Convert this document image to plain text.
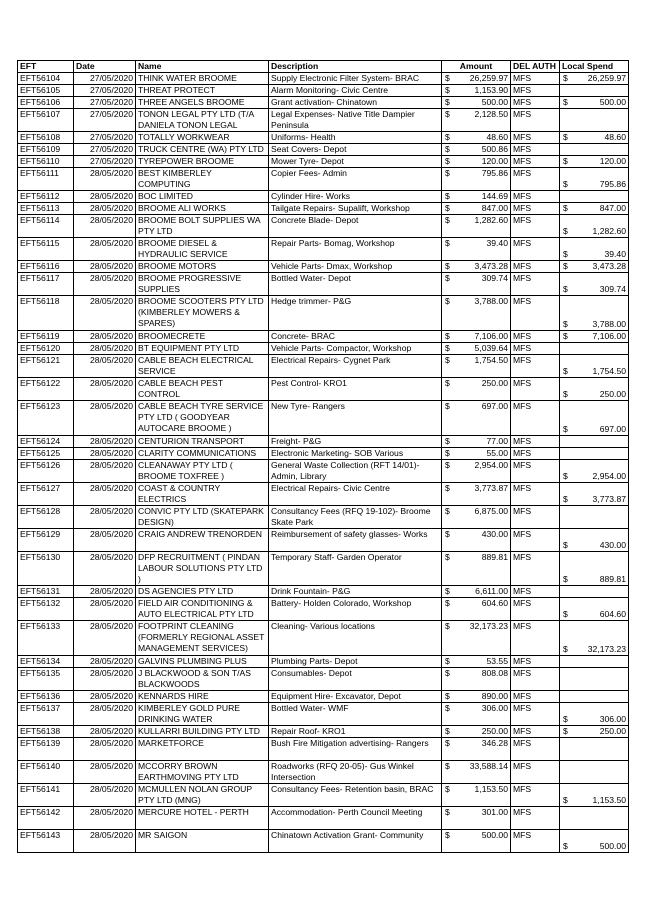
EFT	Date	Name	Description	Amount	DEL AUTH	Local Spend
EFT56104	27/05/2020	THINK WATER BROOME	Supply Electronic Filter System- BRAC	$ 26,259.97	MFS	$ 26,259.97
EFT56105	27/05/2020	THREAT PROTECT	Alarm Monitoring- Civic Centre	$ 1,153.90	MFS	
EFT56106	27/05/2020	THREE ANGELS BROOME	Grant activation- Chinatown	$ 500.00	MFS	$ 500.00
EFT56107	27/05/2020	TONON LEGAL PTY LTD (T/A DANIELA TONON LEGAL	Legal Expenses- Native Title Dampier Peninsula	$ 2,128.50	MFS	
EFT56108	27/05/2020	TOTALLY WORKWEAR	Uniforms- Health	$ 48.60	MFS	$ 48.60
EFT56109	27/05/2020	TRUCK CENTRE (WA) PTY LTD	Seat Covers- Depot	$ 500.86	MFS	
EFT56110	27/05/2020	TYREPOWER BROOME	Mower Tyre- Depot	$ 120.00	MFS	$ 120.00
EFT56111	28/05/2020	BEST KIMBERLEY COMPUTING	Copier Fees- Admin	$ 795.86	MFS	$ 795.86
EFT56112	28/05/2020	BOC LIMITED	Cylinder Hire- Works	$ 144.69	MFS	
EFT56113	28/05/2020	BROOME ALI WORKS	Tailgate Repairs- Supalift, Workshop	$ 847.00	MFS	$ 847.00
EFT56114	28/05/2020	BROOME BOLT SUPPLIES WA PTY LTD	Concrete Blade- Depot	$ 1,282.60	MFS	$ 1,282.60
EFT56115	28/05/2020	BROOME DIESEL & HYDRAULIC SERVICE	Repair Parts- Bomag, Workshop	$ 39.40	MFS	$ 39.40
EFT56116	28/05/2020	BROOME MOTORS	Vehicle Parts- Dmax, Workshop	$ 3,473.28	MFS	$ 3,473.28
EFT56117	28/05/2020	BROOME PROGRESSIVE SUPPLIES	Bottled Water- Depot	$ 309.74	MFS	$ 309.74
EFT56118	28/05/2020	BROOME SCOOTERS PTY LTD (KIMBERLEY MOWERS & SPARES)	Hedge trimmer- P&G	$ 3,788.00	MFS	$ 3,788.00
EFT56119	28/05/2020	BROOMECRETE	Concrete- BRAC	$ 7,106.00	MFS	$ 7,106.00
EFT56120	28/05/2020	BT EQUIPMENT PTY LTD	Vehicle Parts- Compactor, Workshop	$ 5,039.64	MFS	
EFT56121	28/05/2020	CABLE BEACH ELECTRICAL SERVICE	Electrical Repairs- Cygnet Park	$ 1,754.50	MFS	$ 1,754.50
EFT56122	28/05/2020	CABLE BEACH PEST CONTROL	Pest Control- KRO1	$ 250.00	MFS	$ 250.00
EFT56123	28/05/2020	CABLE BEACH TYRE SERVICE PTY LTD ( GOODYEAR AUTOCARE BROOME )	New Tyre- Rangers	$ 697.00	MFS	$ 697.00
EFT56124	28/05/2020	CENTURION TRANSPORT	Freight- P&G	$ 77.00	MFS	
EFT56125	28/05/2020	CLARITY COMMUNICATIONS	Electronic Marketing- SOB Various	$ 55.00	MFS	
EFT56126	28/05/2020	CLEANAWAY PTY LTD ( BROOME TOXFREE )	General Waste Collection (RFT 14/01)- Admin, Library	$ 2,954.00	MFS	$ 2,954.00
EFT56127	28/05/2020	COAST & COUNTRY ELECTRICS	Electrical Repairs- Civic Centre	$ 3,773.87	MFS	$ 3,773.87
EFT56128	28/05/2020	CONVIC PTY LTD (SKATEPARK DESIGN)	Consultancy Fees (RFQ 19-102)- Broome Skate Park	$ 6,875.00	MFS	
EFT56129	28/05/2020	CRAIG ANDREW TRENORDEN	Reimbursement of safety glasses- Works	$ 430.00	MFS	$ 430.00
EFT56130	28/05/2020	DFP RECRUITMENT ( PINDAN LABOUR SOLUTIONS PTY LTD )	Temporary Staff- Garden Operator	$ 889.81	MFS	$ 889.81
EFT56131	28/05/2020	DS AGENCIES PTY LTD	Drink Fountain- P&G	$ 6,611.00	MFS	
EFT56132	28/05/2020	FIELD AIR CONDITIONING & AUTO ELECTRICAL PTY LTD	Battery- Holden Colorado, Workshop	$ 604.60	MFS	$ 604.60
EFT56133	28/05/2020	FOOTPRINT CLEANING (FORMERLY REGIONAL ASSET MANAGEMENT SERVICES)	Cleaning- Various locations	$ 32,173.23	MFS	$ 32,173.23
EFT56134	28/05/2020	GALVINS PLUMBING PLUS	Plumbing Parts- Depot	$ 53.55	MFS	
EFT56135	28/05/2020	J BLACKWOOD & SON T/AS BLACKWOODS	Consumables- Depot	$ 808.08	MFS	
EFT56136	28/05/2020	KENNARDS HIRE	Equipment Hire- Excavator, Depot	$ 890.00	MFS	
EFT56137	28/05/2020	KIMBERLEY GOLD PURE DRINKING WATER	Bottled Water- WMF	$ 306.00	MFS	$ 306.00
EFT56138	28/05/2020	KULLARRI BUILDING PTY LTD	Repair Roof- KRO1	$ 250.00	MFS	$ 250.00
EFT56139	28/05/2020	MARKETFORCE	Bush Fire Mitigation advertising- Rangers	$ 346.28	MFS	
EFT56140	28/05/2020	MCCORRY BROWN EARTHMOVING PTY LTD	Roadworks (RFQ 20-05)- Gus Winkel Intersection	$ 33,588.14	MFS	
EFT56141	28/05/2020	MCMULLEN NOLAN GROUP PTY LTD (MNG)	Consultancy Fees- Retention basin, BRAC	$ 1,153.50	MFS	$ 1,153.50
EFT56142	28/05/2020	MERCURE HOTEL - PERTH	Accommodation- Perth Council Meeting	$ 301.00	MFS	
EFT56143	28/05/2020	MR SAIGON	Chinatown Activation Grant- Community	$ 500.00	MFS	$ 500.00
